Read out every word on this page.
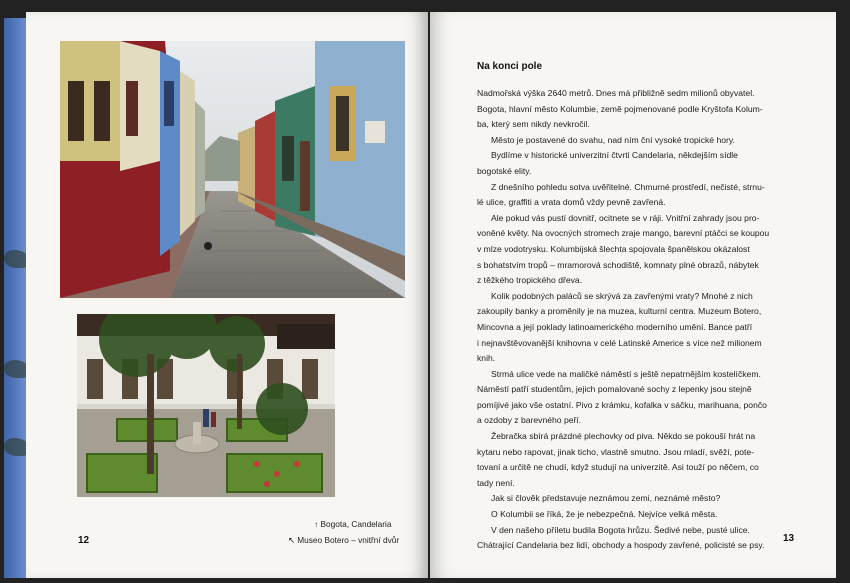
↑ Bogota, Candelaria
↖ Museo Botero – vnitřní dvůr
12	13
Na konci pole

Nadmořská výška 2640 metrů. Dnes má přibližně sedm milionů obyvatel.

Bogota, hlavní město Kolumbie, země pojmenované podle Kryštofa Kolum-

ba, který sem nikdy nevkročil.

Město je postavené do svahu, nad ním ční vysoké tropické hory.

Bydlíme v historické univerzitní čtvrti Candelaria, někdejším sídle

bogotské elity.

Z dnešního pohledu sotva uvěřitelné. Chmurné prostředí, nečisté, strnu-

lé ulice, graffiti a vrata domů vždy pevně zavřená.

Ale pokud vás pustí dovnitř, ocitnete se v ráji. Vnitřní zahrady jsou pro-

voněné květy. Na ovocných stromech zraje mango, barevní ptáčci se koupou

v mlze vodotrysku. Kolumbijská šlechta spojovala španělskou okázalost

s bohatstvím tropů – mramorová schodiště, komnaty plné obrazů, nábytek

z těžkého tropického dřeva.

Kolik podobných paláců se skrývá za zavřenými vraty? Mnohé z nich

zakoupily banky a proměnily je na muzea, kulturní centra. Muzeum Botero,

Mincovna a její poklady latinoamerického moderního umění. Bance patří

i nejnavštěvovanější knihovna v celé Latinské Americe s více než milionem

knih.

Strmá ulice vede na maličké náměstí s ještě nepatrnějším kostelíčkem.

Náměstí patří studentům, jejich pomalované sochy z lepenky jsou stejně

pomíjivé jako vše ostatní. Pivo z krámku, kofalka v sáčku, marihuana, pončo

a ozdoby z barevného peří.

Žebračka sbírá prázdné plechovky od piva. Někdo se pokouší hrát na

kytaru nebo rapovat, jinak ticho, vlastně smutno. Jsou mladí, svěží, pote-

tovaní a určitě ne chudí, když studují na univerzitě. Asi touží po něčem, co

tady není.

Jak si člověk představuje neznámou zemi, neznámé město?

O Kolumbii se říká, že je nebezpečná. Nejvíce velká města.

V den našeho příletu budila Bogota hrůzu. Šedivé nebe, pusté ulice.

Chátrající Candelaria bez lidí, obchody a hospody zavřené, policisté se psy.
